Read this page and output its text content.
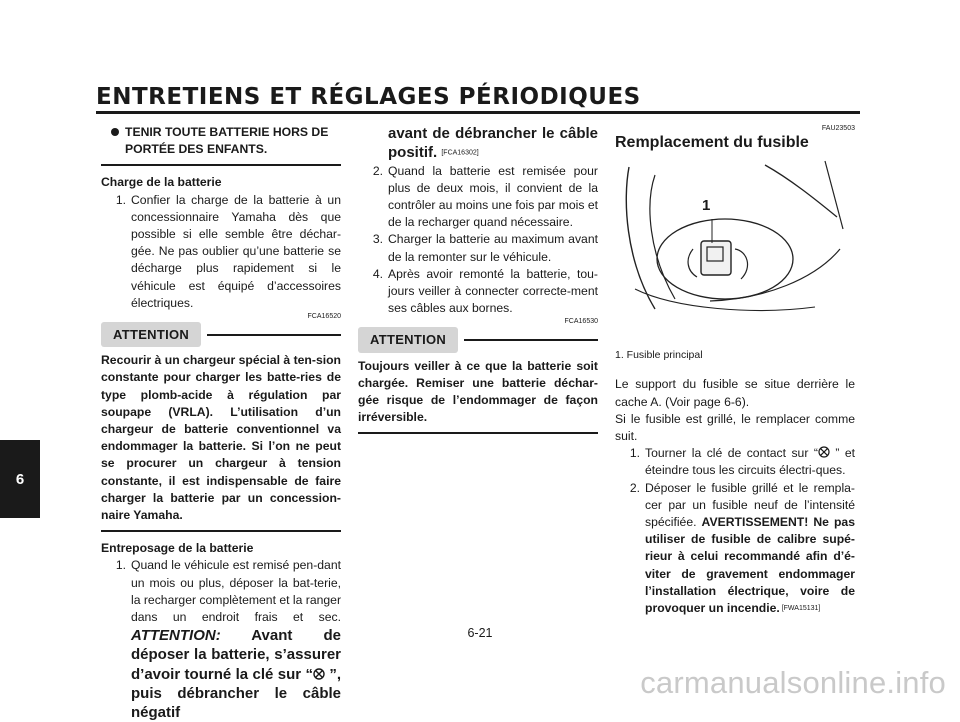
ENTRETIENS ET RÉGLAGES PÉRIODIQUES
6
TENIR TOUTE BATTERIE HORS DE PORTÉE DES ENFANTS.
Charge de la batterie
1. Confier la charge de la batterie à un concessionnaire Yamaha dès que possible si elle semble être déchar-gée. Ne pas oublier qu’une batterie se décharge plus rapidement si le véhicule est équipé d’accessoires électriques.
FCA16520
ATTENTION
Recourir à un chargeur spécial à ten-sion constante pour charger les batte-ries de type plomb-acide à régulation par soupape (VRLA). L’utilisation d’un chargeur de batterie conventionnel va endommager la batterie. Si l’on ne peut se procurer un chargeur à tension constante, il est indispensable de faire charger la batterie par un concession-naire Yamaha.
Entreposage de la batterie
1. Quand le véhicule est remisé pen-dant un mois ou plus, déposer la bat-terie, la recharger complètement et la ranger dans un endroit frais et sec. ATTENTION: Avant de déposer la batterie, s’assurer d’avoir tourné la clé sur “ ”, puis débrancher le câble négatif
avant de débrancher le câble positif. [FCA16302]
2. Quand la batterie est remisée pour plus de deux mois, il convient de la contrôler au moins une fois par mois et de la recharger quand nécessaire.
3. Charger la batterie au maximum avant de la remonter sur le véhicule.
4. Après avoir remonté la batterie, tou-jours veiller à connecter correcte-ment ses câbles aux bornes.
FCA16530
ATTENTION
Toujours veiller à ce que la batterie soit chargée. Remiser une batterie déchar-gée risque de l’endommager de façon irréversible.
FAU23503
Remplacement du fusible
1
1. Fusible principal
Le support du fusible se situe derrière le cache A. (Voir page 6-6).
Si le fusible est grillé, le remplacer comme suit.
1. Tourner la clé de contact sur “ ” et éteindre tous les circuits électri-ques.
2. Déposer le fusible grillé et le rempla-cer par un fusible neuf de l’intensité spécifiée. AVERTISSEMENT! Ne pas utiliser de fusible de calibre supé-rieur à celui recommandé afin d’é-viter de gravement endommager l’installation électrique, voire de provoquer un incendie. [FWA15131]
6-21
carmanualsonline.info
